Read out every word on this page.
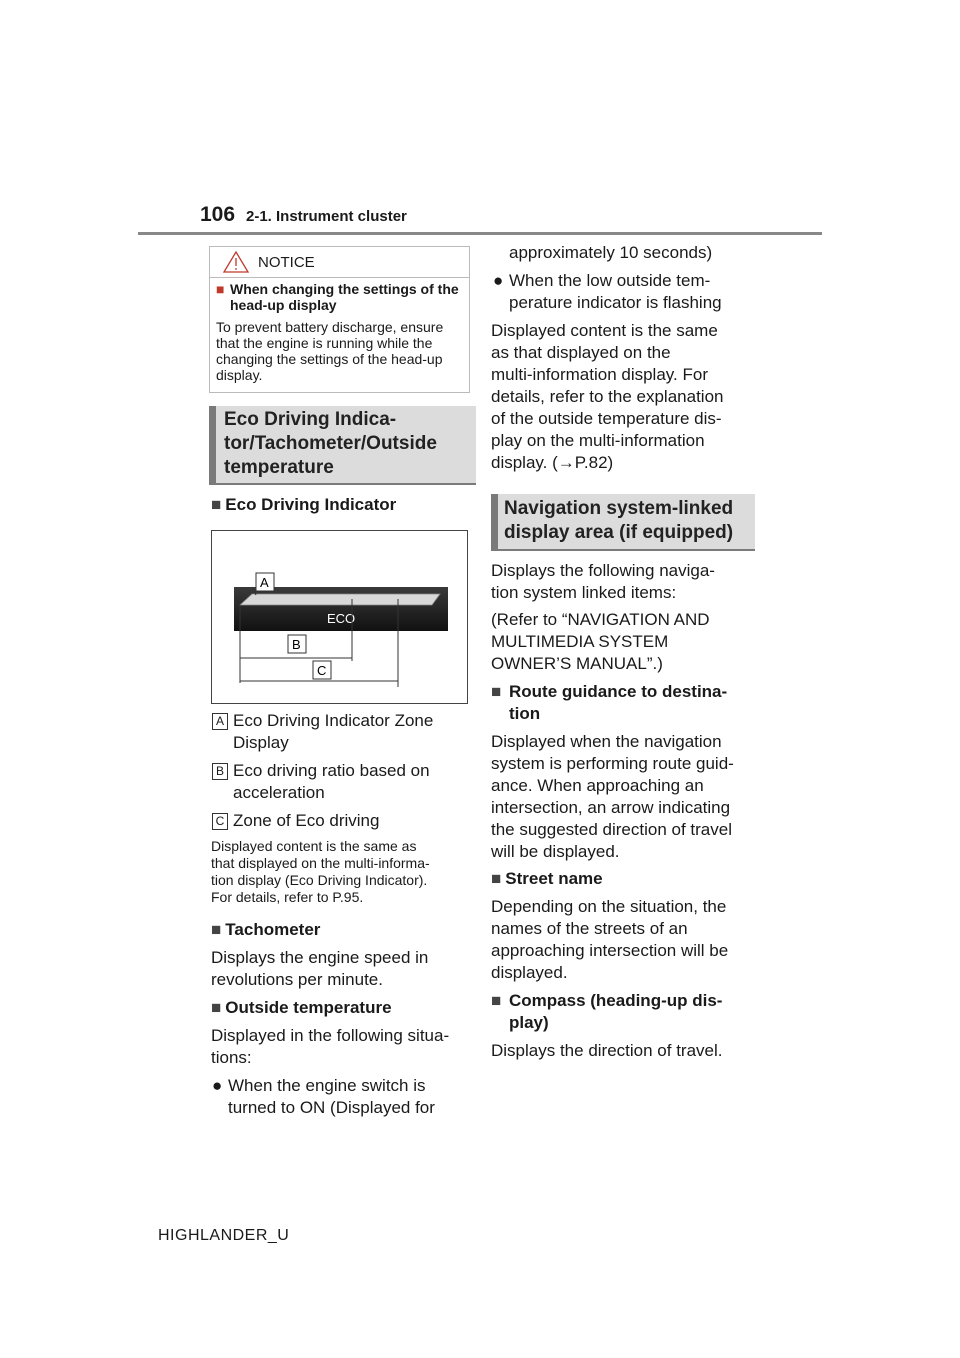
106 2-1. Instrument cluster
NOTICE
■ When changing the settings of the head-up display
To prevent battery discharge, ensure that the engine is running while the changing the settings of the head-up display.
Eco Driving Indica-
tor/Tachometer/Outside
temperature
■ Eco Driving Indicator
ECO
A
B
C
A Eco Driving Indicator Zone
Display
B Eco driving ratio based on
acceleration
C Zone of Eco driving
Displayed content is the same as
that displayed on the multi-informa-
tion display (Eco Driving Indicator).
For details, refer to P.95.
■ Tachometer
Displays the engine speed in
revolutions per minute.
■ Outside temperature
Displayed in the following situa-
tions:
● When the engine switch is
turned to ON (Displayed for
approximately 10 seconds)
● When the low outside tem-
perature indicator is flashing
Displayed content is the same
as that displayed on the
multi-information display. For
details, refer to the explanation
of the outside temperature dis-
play on the multi-information
display. (→P.82)
Navigation system-linked
display area (if equipped)
Displays the following naviga-
tion system linked items:
(Refer to “NAVIGATION AND
MULTIMEDIA SYSTEM
OWNER’S MANUAL”.)
■ Route guidance to destina-
tion
Displayed when the navigation
system is performing route guid-
ance. When approaching an
intersection, an arrow indicating
the suggested direction of travel
will be displayed.
■ Street name
Depending on the situation, the
names of the streets of an
approaching intersection will be
displayed.
■ Compass (heading-up dis-
play)
Displays the direction of travel.
HIGHLANDER_U
